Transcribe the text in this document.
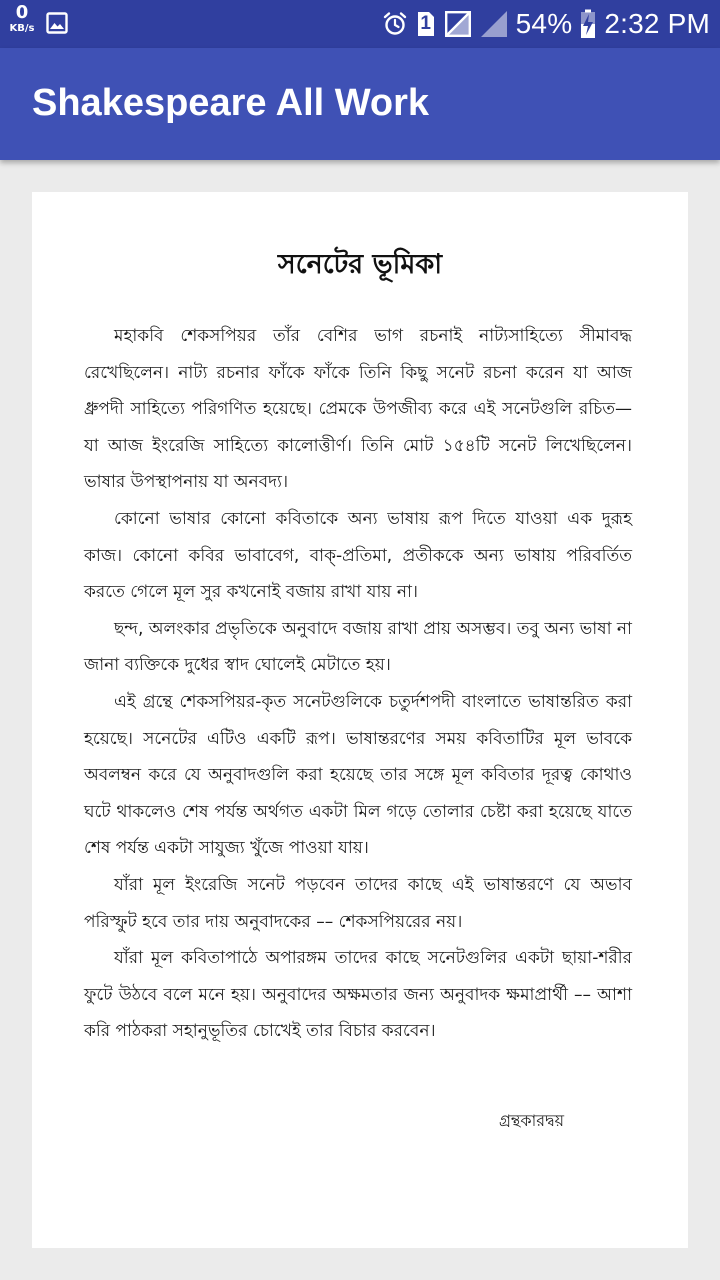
0
KB/s	1	54% 2:32 PM
Shakespeare All Work
সনেটের ভূমিকা

মহাকবি শেকসপিয়র তাঁর বেশির ভাগ রচনাই নাট্যসাহিত্যে সীমাবদ্ধ রেখেছিলেন। নাট্য রচনার ফাঁকে ফাঁকে তিনি কিছু সনেট রচনা করেন যা আজ ধ্রুপদী সাহিত্যে পরিগণিত হয়েছে। প্রেমকে উপজীব্য করে এই সনেটগুলি রচিত— যা আজ ইংরেজি সাহিত্যে কালোত্তীর্ণ। তিনি মোট ১৫৪টি সনেট লিখেছিলেন। ভাষার উপস্থাপনায় যা অনবদ্য।

কোনো ভাষার কোনো কবিতাকে অন্য ভাষায় রূপ দিতে যাওয়া এক দুরূহ কাজ। কোনো কবির ভাবাবেগ, বাক্‌-প্রতিমা, প্রতীককে অন্য ভাষায় পরিবর্তিত করতে গেলে মূল সুর কখনোই বজায় রাখা যায় না।

ছন্দ, অলংকার প্রভৃতিকে অনুবাদে বজায় রাখা প্রায় অসম্ভব। তবু অন্য ভাষা না জানা ব্যক্তিকে দুধের স্বাদ ঘোলেই মেটাতে হয়।

এই গ্রন্থে শেকসপিয়র-কৃত সনেটগুলিকে চতুর্দশপদী বাংলাতে ভাষান্তরিত করা হয়েছে। সনেটের এটিও একটি রূপ। ভাষান্তরণের সময় কবিতাটির মূল ভাবকে অবলম্বন করে যে অনুবাদগুলি করা হয়েছে তার সঙ্গে মূল কবিতার দূরত্ব কোথাও ঘটে থাকলেও শেষ পর্যন্ত অর্থগত একটা মিল গড়ে তোলার চেষ্টা করা হয়েছে যাতে শেষ পর্যন্ত একটা সাযুজ্য খুঁজে পাওয়া যায়।

যাঁরা মূল ইংরেজি সনেট পড়বেন তাদের কাছে এই ভাষান্তরণে যে অভাব পরিস্ফুট হবে তার দায় অনুবাদকের –– শেকসপিয়রের নয়।

যাঁরা মূল কবিতাপাঠে অপারঙ্গম তাদের কাছে সনেটগুলির একটা ছায়া-শরীর ফুটে উঠবে বলে মনে হয়। অনুবাদের অক্ষমতার জন্য অনুবাদক ক্ষমাপ্রার্থী –– আশা করি পাঠকরা সহানুভূতির চোখেই তার বিচার করবেন।

গ্রন্থকারদ্বয়
